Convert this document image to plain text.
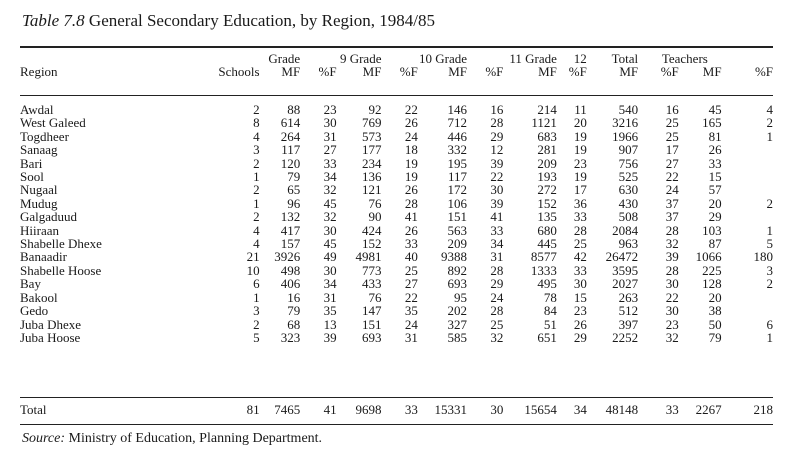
Table 7.8 General Secondary Education, by Region, 1984/85
		Grade	9 Grade		10 Grade		11 Grade		12	Total	Teachers		
Region	Schools	MF	%F	MF	%F	MF	%F	MF	%F	MF	%F	MF	%F
Awdal	2	88	23	92	22	146	16	214	11	540	16	45	4
West Galeed	8	614	30	769	26	712	28	1121	20	3216	25	165	2
Togdheer	4	264	31	573	24	446	29	683	19	1966	25	81	1
Sanaag	3	117	27	177	18	332	12	281	19	907	17	26	
Bari	2	120	33	234	19	195	39	209	23	756	27	33	
Sool	1	79	34	136	19	117	22	193	19	525	22	15	
Nugaal	2	65	32	121	26	172	30	272	17	630	24	57	
Mudug	1	96	45	76	28	106	39	152	36	430	37	20	2
Galgaduud	2	132	32	90	41	151	41	135	33	508	37	29	
Hiiraan	4	417	30	424	26	563	33	680	28	2084	28	103	1
Shabelle Dhexe	4	157	45	152	33	209	34	445	25	963	32	87	5
Banaadir	21	3926	49	4981	40	9388	31	8577	42	26472	39	1066	180
Shabelle Hoose	10	498	30	773	25	892	28	1333	33	3595	28	225	3
Bay	6	406	34	433	27	693	29	495	30	2027	30	128	2
Bakool	1	16	31	76	22	95	24	78	15	263	22	20	
Gedo	3	79	35	147	35	202	28	84	23	512	30	38	
Juba Dhexe	2	68	13	151	24	327	25	51	26	397	23	50	6
Juba Hoose	5	323	39	693	31	585	32	651	29	2252	32	79	1
Total	81	7465	41	9698	33	15331	30	15654	34	48148	33	2267	218
Source: Ministry of Education, Planning Department.
